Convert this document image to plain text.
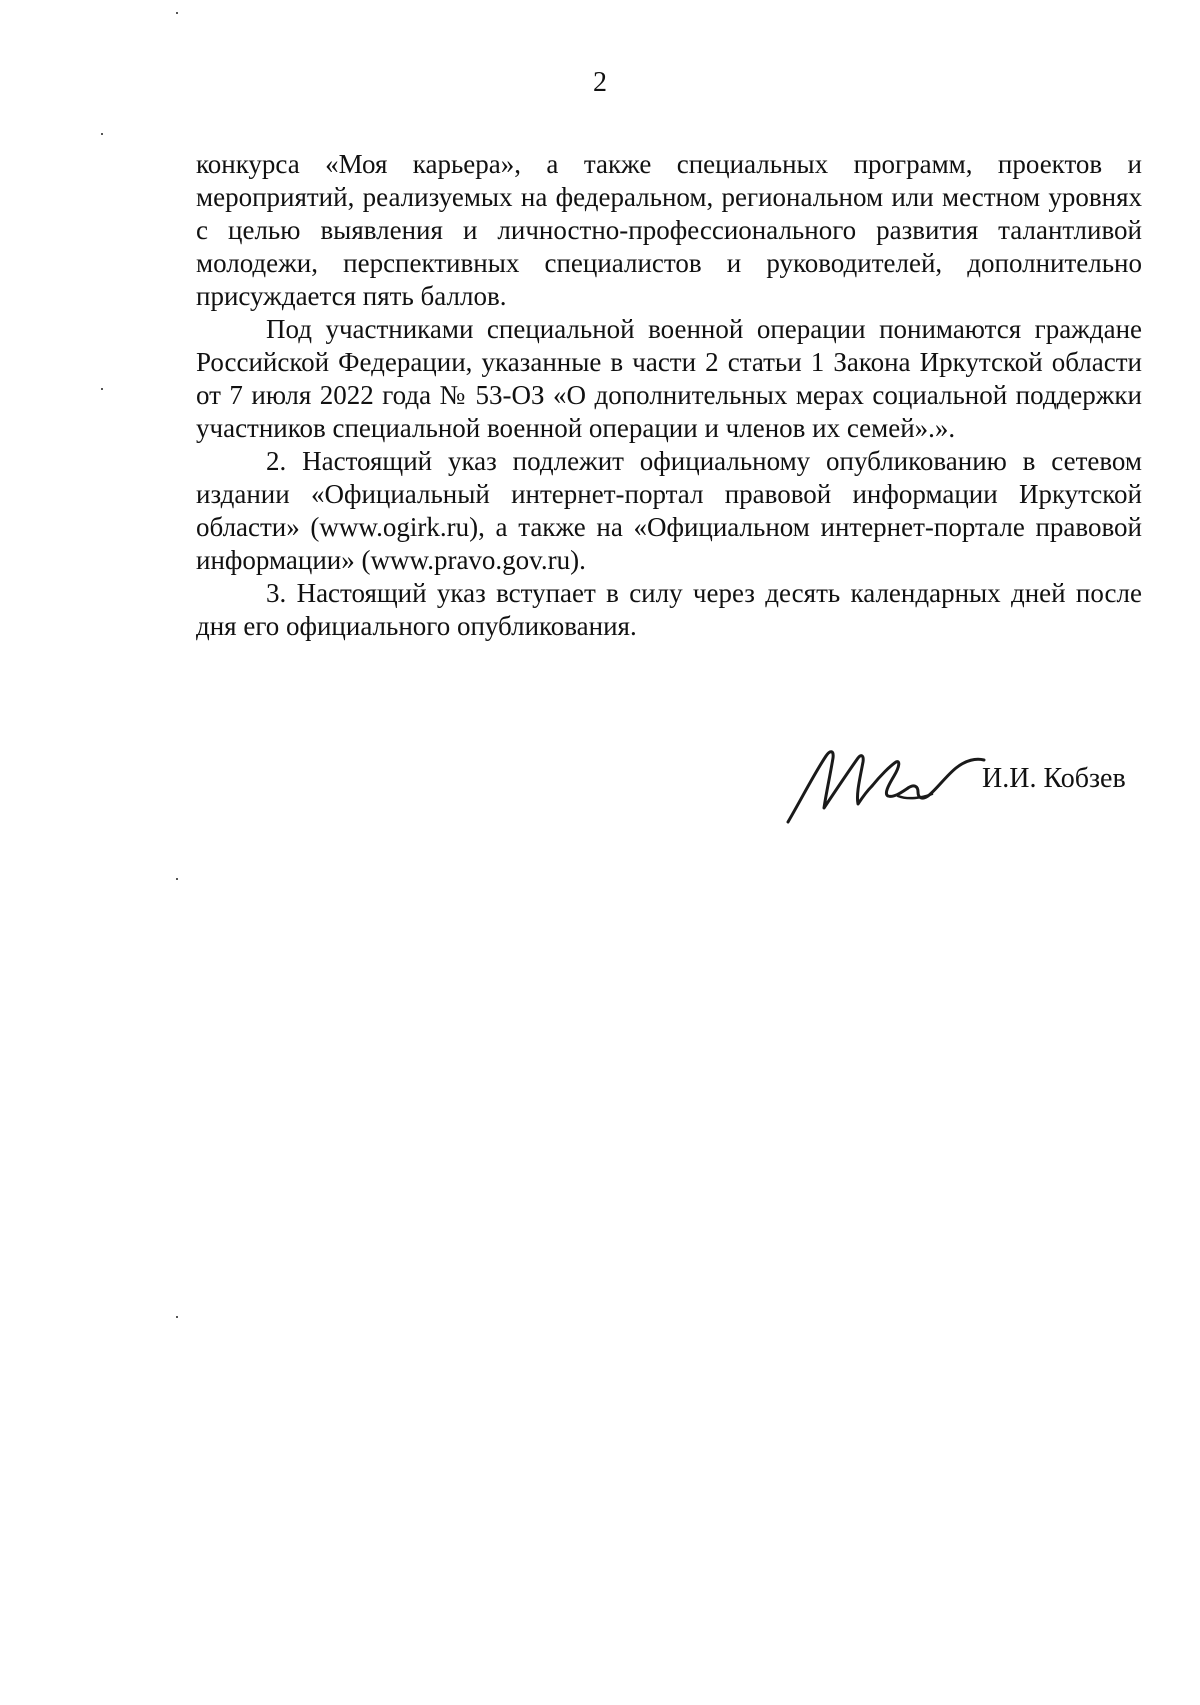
2

конкурса «Моя карьера», а также специальных программ, проектов и мероприятий, реализуемых на федеральном, региональном или местном уровнях с целью выявления и личностно-профессионального развития талантливой молодежи, перспективных специалистов и руководителей, дополнительно присуждается пять баллов.

Под участниками специальной военной операции понимаются граждане Российской Федерации, указанные в части 2 статьи 1 Закона Иркутской области от 7 июля 2022 года № 53-ОЗ «О дополнительных мерах социальной поддержки участников специальной военной операции и членов их семей».».

2. Настоящий указ подлежит официальному опубликованию в сетевом издании «Официальный интернет-портал правовой информации Иркутской области» (www.ogirk.ru), а также на «Официальном интернет-портале правовой информации» (www.pravo.gov.ru).

3. Настоящий указ вступает в силу через десять календарных дней после дня его официального опубликования.

И.И. Кобзев
